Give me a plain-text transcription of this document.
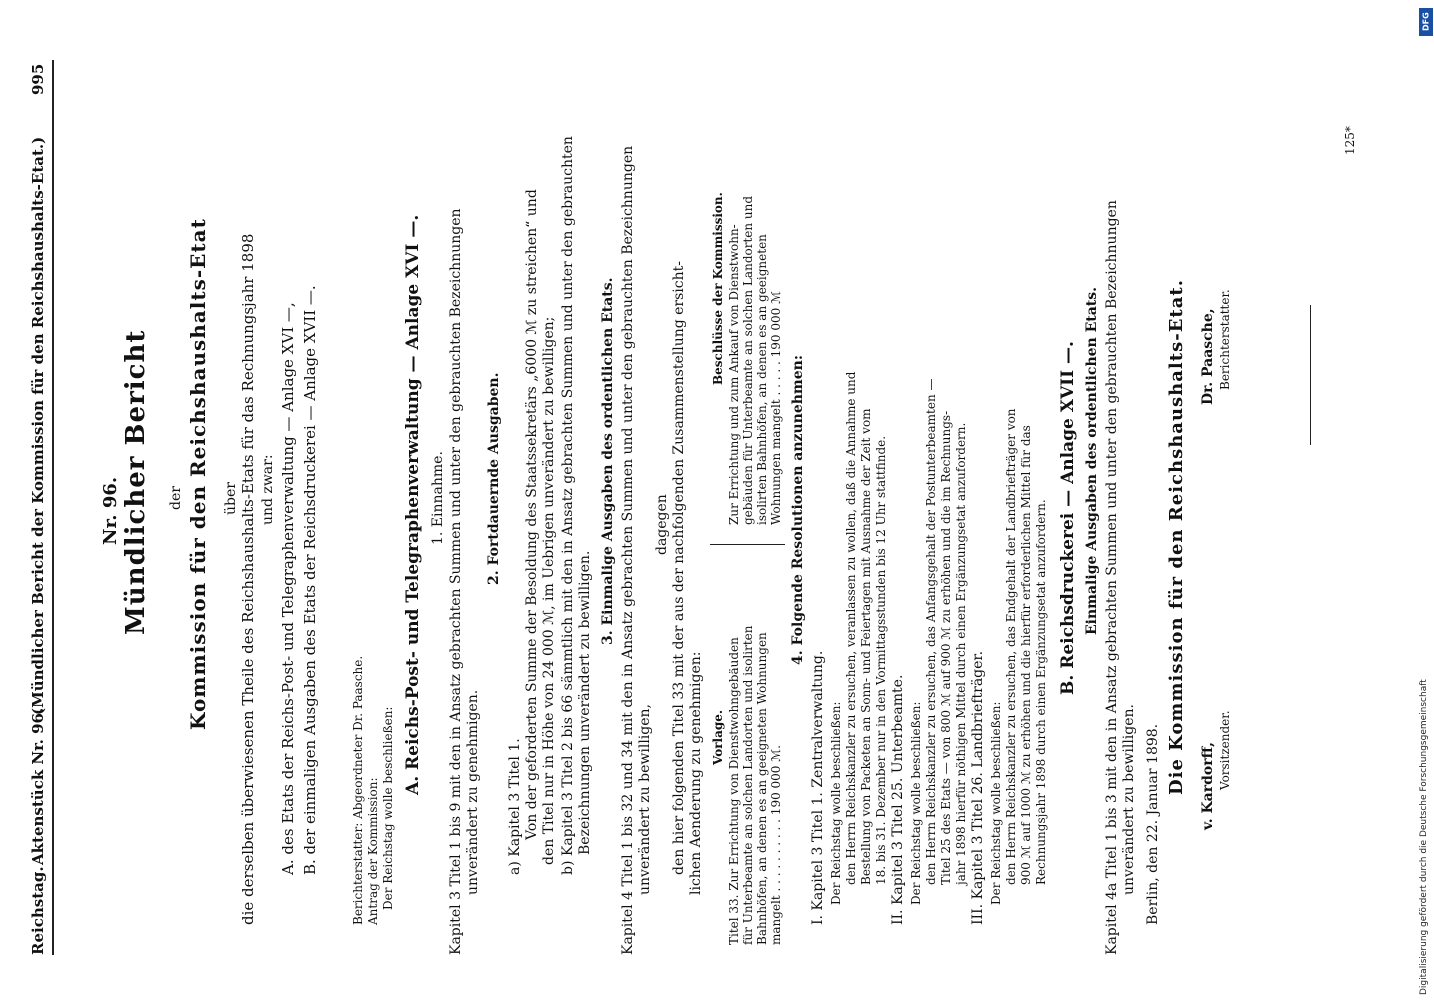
Reichstag.
Aktenstück Nr. 96.
(Mündlicher Bericht der Kommission für den Reichshaushalts-Etat.)
995
Nr. 96. Mündlicher Bericht der Kommission für den Reichshaushalts-Etat über die derselben überwiesenen Theile des Reichshaushalts-Etats für das Rechnungsjahr 1898 und zwar: A. des Etats der Reichs-Post- und Telegraphenverwaltung — Anlage XVI —, B. der einmaligen Ausgaben des Etats der Reichsdruckerei — Anlage XVII —.	Berichterstatter: Abgeordneter Dr. Paasche. Antrag der Kommission: Der Reichstag wolle beschließen:
A. Reichs-Post- und Telegraphenverwaltung — Anlage XVI —. 1. Einnahme. Kapitel 3 Titel 1 bis 9 mit den in Ansatz gebrachten Summen und unter den gebrauchten Bezeichnungen unverändert zu genehmigen.
2. Fortdauernde Ausgaben.
a) Kapitel 3 Titel 1. Von der geforderten Summe der Besoldung des Staatssekretärs „6000 ℳ zu streichen“ und den Titel nur in Höhe von 24 000 ℳ, im Uebrigen unverändert zu bewilligen; b) Kapitel 3 Titel 2 bis 66 sämmtlich mit den in Ansatz gebrachten Summen und unter den gebrauchten Bezeichnungen unverändert zu bewilligen.
3. Einmalige Ausgaben des ordentlichen Etats. Kapitel 4 Titel 1 bis 32 und 34 mit den in Ansatz gebrachten Summen und unter den gebrauchten Bezeichnungen unverändert zu bewilligen,
dagegen den hier folgenden Titel 33 mit der aus der nachfolgenden Zusammenstellung ersicht- lichen Aenderung zu genehmigen: Vorlage.
Beschlüsse der Kommission.
Titel 33. Zur Errichtung von Dienstwohngebäuden für Unterbeamte an solchen Landorten und isolirten Bahnhöfen, an denen es an geeigneten Wohnungen mangelt . . . . . . . . . . 190 000 ℳ.
Zur Errichtung und zum Ankauf von Dienstwohn- gebäuden für Unterbeamte an solchen Landorten und isolirten Bahnhöfen, an denen es an geeigneten Wohnungen mangelt . . . . . 190 000 ℳ 4. Folgende Resolutionen anzunehmen:
I. Kapitel 3 Titel 1. Zentralverwaltung. Der Reichstag wolle beschließen: den Herrn Reichskanzler zu ersuchen, veranlassen zu wollen, daß die Annahme und Bestellung von Packeten an Sonn- und Feiertagen mit Ausnahme der Zeit vom 18. bis 31. Dezember nur in den Vormittagsstunden bis 12 Uhr stattfinde. II. Kapitel 3 Titel 25. Unterbeamte. Der Reichstag wolle beschließen: den Herrn Reichskanzler zu ersuchen, das Anfangsgehalt der Postunterbeamten — Titel 25 des Etats — von 800 ℳ auf 900 ℳ zu erhöhen und die im Rechnungs- jahr 1898 hierfür nöthigen Mittel durch einen Ergänzungsetat anzufordern. III. Kapitel 3 Titel 26. Landbriefträger. Der Reichstag wolle beschließen: den Herrn Reichskanzler zu ersuchen, das Endgehalt der Landbriefträger von 900 ℳ auf 1000 ℳ zu erhöhen und die hierfür erforderlichen Mittel für das Rechnungsjahr 1898 durch einen Ergänzungsetat anzufordern. B. Reichsdruckerei — Anlage XVII —. Einmalige Ausgaben des ordentlichen Etats. Kapitel 4a Titel 1 bis 3 mit den in Ansatz gebrachten Summen und unter den gebrauchten Bezeichnungen unverändert zu bewilligen. Berlin, den 22. Januar 1898.
Die Kommission für den Reichshaushalts-Etat. v. Kardorff, Vorsitzender.
Dr. Paasche, Berichterstatter.
125*
Digitalisierung gefördert durch die Deutsche Forschungsgemeinschaft
DFG
